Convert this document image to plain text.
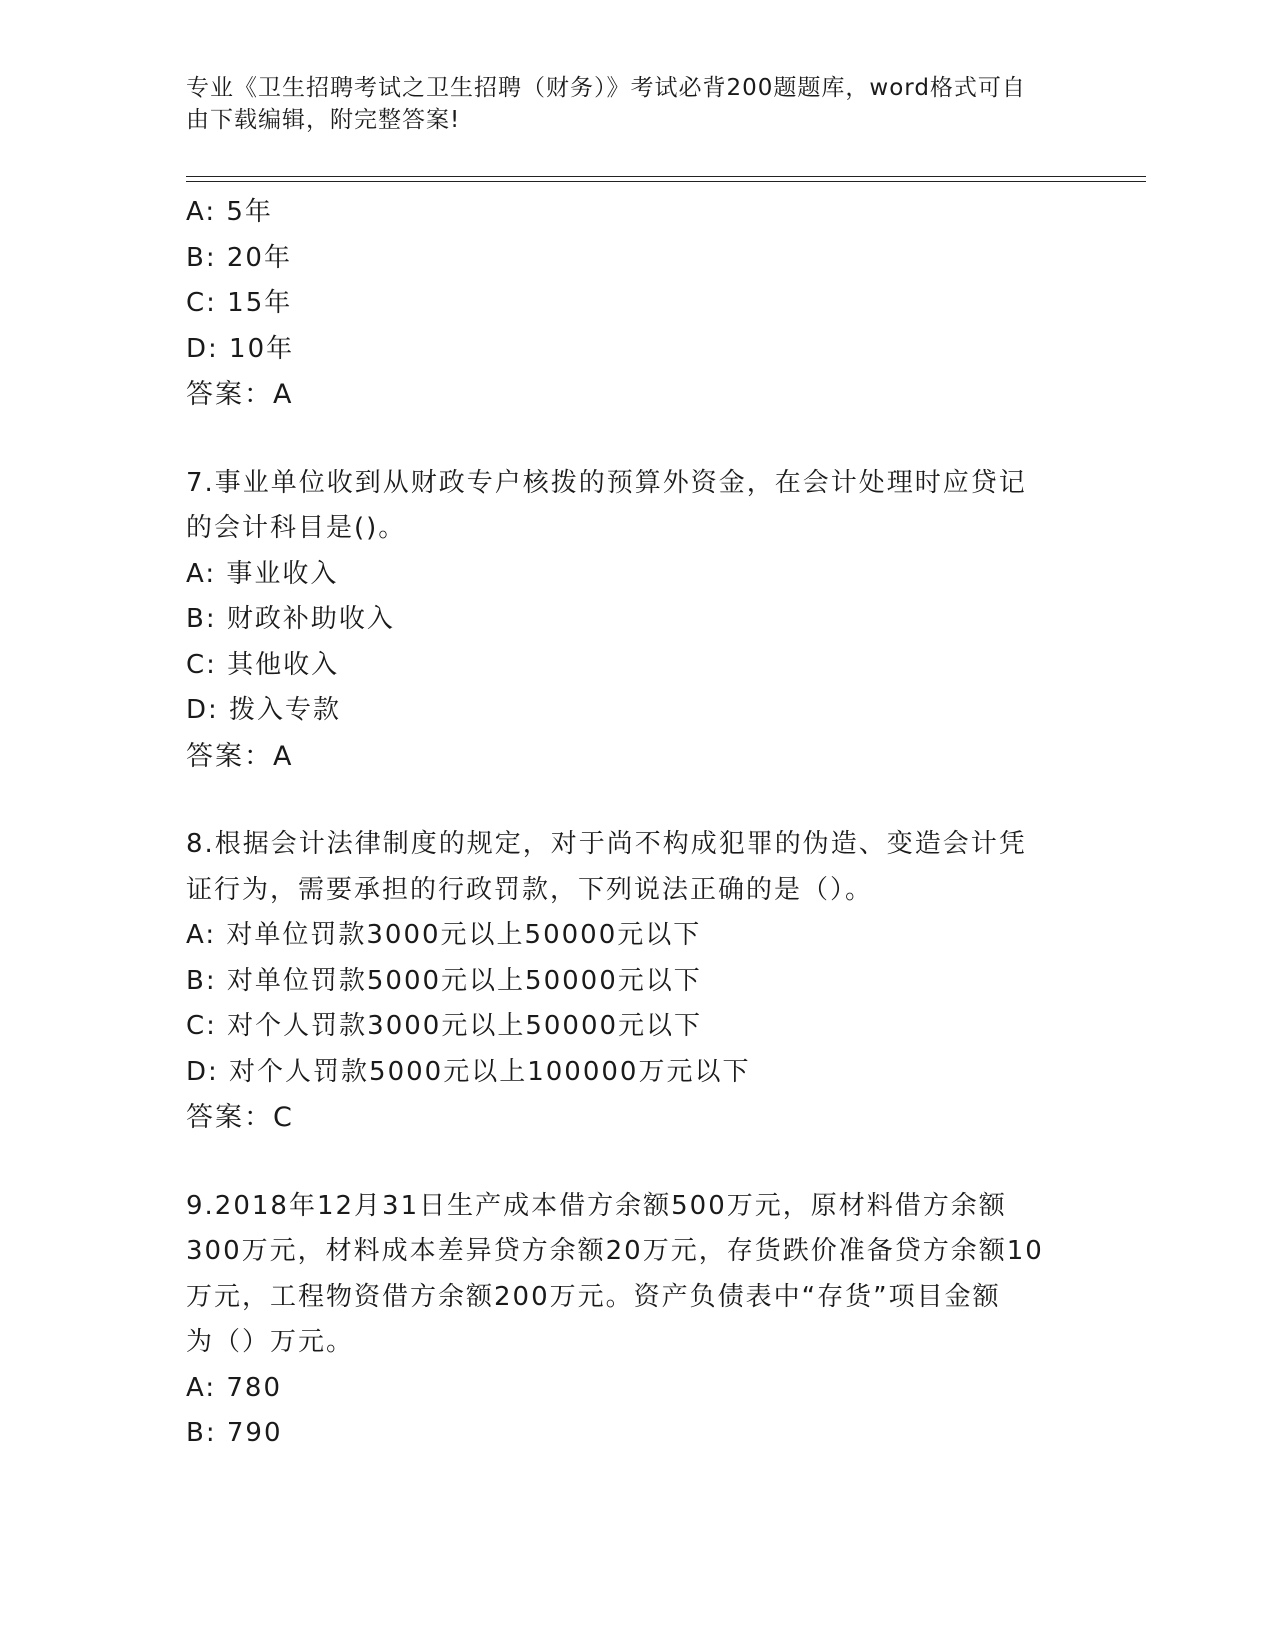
专业《卫生招聘考试之卫生招聘（财务）》考试必背200题题库，word格式可自
由下载编辑，附完整答案!
A: 5年
B: 20年
C: 15年
D: 10年
答案：A
7.事业单位收到从财政专户核拨的预算外资金，在会计处理时应贷记
的会计科目是()。
A: 事业收入
B: 财政补助收入
C: 其他收入
D: 拨入专款
答案：A
8.根据会计法律制度的规定，对于尚不构成犯罪的伪造、变造会计凭
证行为，需要承担的行政罚款，下列说法正确的是（）。
A: 对单位罚款3000元以上50000元以下
B: 对单位罚款5000元以上50000元以下
C: 对个人罚款3000元以上50000元以下
D: 对个人罚款5000元以上100000万元以下
答案：C
9.2018年12月31日生产成本借方余额500万元，原材料借方余额
300万元，材料成本差异贷方余额20万元，存货跌价准备贷方余额10
万元，工程物资借方余额200万元。资产负债表中“存货”项目金额
为（）万元。
A: 780
B: 790
